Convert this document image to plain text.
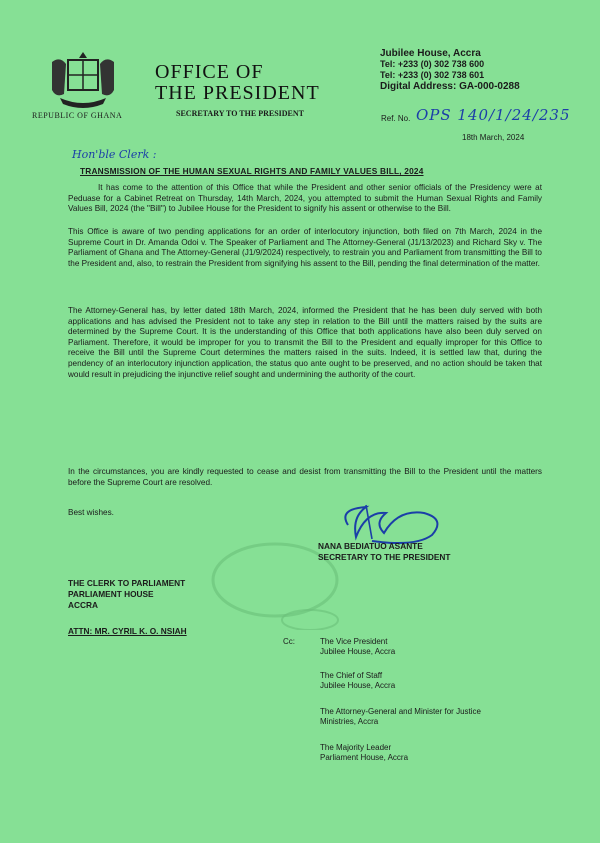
REPUBLIC OF GHANA
OFFICE OF
THE PRESIDENT
SECRETARY TO THE PRESIDENT
Jubilee House, Accra
Tel: +233 (0) 302 738 600
Tel: +233 (0) 302 738 601
Digital Address: GA-000-0288
Ref. No. OPS 140/1/24/235
18th March, 2024
Hon'ble Clerk :
TRANSMISSION OF THE HUMAN SEXUAL RIGHTS AND FAMILY VALUES BILL, 2024
It has come to the attention of this Office that while the President and other senior officials of the Presidency were at Peduase for a Cabinet Retreat on Thursday, 14th March, 2024, you attempted to submit the Human Sexual Rights and Family Values Bill, 2024 (the "Bill") to Jubilee House for the President to signify his assent or otherwise to the Bill.
This Office is aware of two pending applications for an order of interlocutory injunction, both filed on 7th March, 2024 in the Supreme Court in Dr. Amanda Odoi v. The Speaker of Parliament and The Attorney-General (J1/13/2023) and Richard Sky v. The Parliament of Ghana and The Attorney-General (J1/9/2024) respectively, to restrain you and Parliament from transmitting the Bill to the President and, also, to restrain the President from signifying his assent to the Bill, pending the final determination of the matter.
The Attorney-General has, by letter dated 18th March, 2024, informed the President that he has been duly served with both applications and has advised the President not to take any step in relation to the Bill until the matters raised by the suits are determined by the Supreme Court. It is the understanding of this Office that both applications have also been duly served on Parliament. Therefore, it would be improper for you to transmit the Bill to the President and equally improper for this Office to receive the Bill until the Supreme Court determines the matters raised in the suits. Indeed, it is settled law that, during the pendency of an interlocutory injunction application, the status quo ante ought to be preserved, and no action should be taken that would result in prejudicing the injunctive relief sought and undermining the authority of the court.
In the circumstances, you are kindly requested to cease and desist from transmitting the Bill to the President until the matters before the Supreme Court are resolved.
Best wishes.
NANA BEDIATUO ASANTE
SECRETARY TO THE PRESIDENT
THE CLERK TO PARLIAMENT
PARLIAMENT HOUSE
ACCRA
ATTN: MR. CYRIL K. O. NSIAH
Cc:	The Vice President
Jubilee House, Accra
The Chief of Staff
Jubilee House, Accra
The Attorney-General and Minister for Justice
Ministries, Accra
The Majority Leader
Parliament House, Accra
